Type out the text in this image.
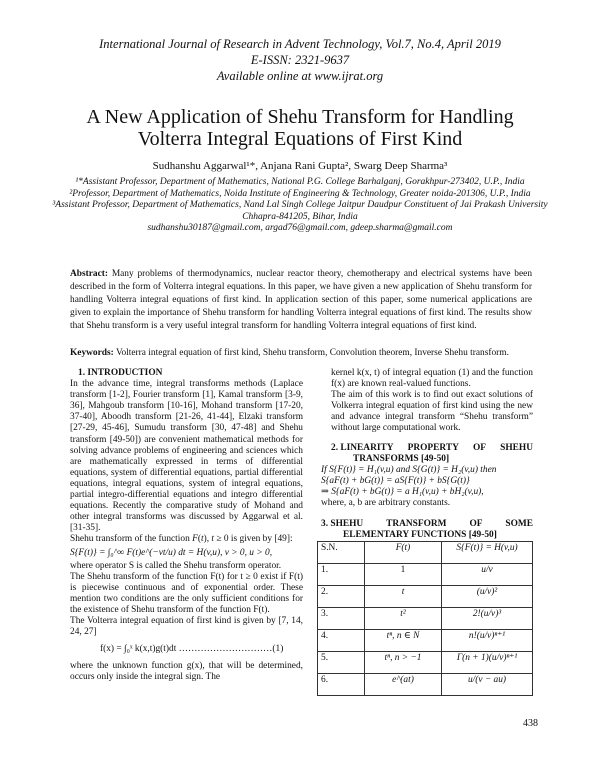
International Journal of Research in Advent Technology, Vol.7, No.4, April 2019
E-ISSN: 2321-9637
Available online at www.ijrat.org
A New Application of Shehu Transform for Handling
Volterra Integral Equations of First Kind
Sudhanshu Aggarwal¹*, Anjana Rani Gupta², Swarg Deep Sharma³
¹*Assistant Professor, Department of Mathematics, National P.G. College Barhalganj, Gorakhpur-273402, U.P., India
²Professor, Department of Mathematics, Noida Institute of Engineering & Technology, Greater noida-201306, U.P., India
³Assistant Professor, Department of Mathematics, Nand Lal Singh College Jaitpur Daudpur Constituent of Jai Prakash University Chhapra-841205, Bihar, India
sudhanshu30187@gmail.com, argad76@gmail.com, gdeep.sharma@gmail.com
Abstract: Many problems of thermodynamics, nuclear reactor theory, chemotherapy and electrical systems have been described in the form of Volterra integral equations. In this paper, we have given a new application of Shehu transform for handling Volterra integral equations of first kind. In application section of this paper, some numerical applications are given to explain the importance of Shehu transform for handling Volterra integral equations of first kind. The results show that Shehu transform is a very useful integral transform for handling Volterra integral equations of first kind.
Keywords: Volterra integral equation of first kind, Shehu transform, Convolution theorem, Inverse Shehu transform.

1. INTRODUCTION

In the advance time, integral transforms methods (Laplace transform [1-2], Fourier transform [1], Kamal transform [3-9, 36], Mahgoub transform [10-16], Mohand transform [17-20, 37-40], Aboodh transform [21-26, 41-44], Elzaki transform [27-29, 45-46], Sumudu transform [30, 47-48] and Shehu transform [49-50]) are convenient mathematical methods for solving advance problems of engineering and sciences which are mathematically expressed in terms of differential equations, system of differential equations, partial differential equations, integral equations, system of integral equations, partial integro-differential equations and integro differential equations. Recently the comparative study of Mohand and other integral transforms was discussed by Aggarwal et al. [31-35].

Shehu transform of the function F(t), t ≥ 0 is given by [49]:

S{F(t)} = ∫₀^∞ F(t)e^(−vt/u) dt = H(v,u), v > 0, u > 0,

where operator S is called the Shehu transform operator.

The Shehu transform of the function F(t) for t ≥ 0 exist if F(t) is piecewise continuous and of exponential order. These mention two conditions are the only sufficient conditions for the existence of Shehu transform of the function F(t).

The Volterra integral equation of first kind is given by [7, 14, 24, 27]

f(x) = ∫₀ˣ k(x,t)g(t)dt …………………………(1)

where the unknown function g(x), that will be determined, occurs only inside the integral sign. The

kernel k(x, t) of integral equation (1) and the function f(x) are known real-valued functions.

The aim of this work is to find out exact solutions of Volkerra integral equation of first kind using the new and advance integral transform “Shehu transform” without large computational work.

2. LINEARITY PROPERTY OF SHEHU
TRANSFORMS [49-50]

If S{F(t)} = H₁(v,u) and S{G(t)} = H₂(v,u) then

S{aF(t) + bG(t)} = aS{F(t)} + bS{G(t)}

⇒ S{aF(t) + bG(t)} = a H₁(v,u) + bH₂(v,u),

where, a, b are arbitrary constants.

3. SHEHU TRANSFORM OF SOME
ELEMENTARY FUNCTIONS [49-50]
S.N.	F(t)	S{F(t)} = H(v,u)
1.	1	u/v
2.	t	(u/v)²
3.	t²	2!(u/v)³
4.	tⁿ, n ∈ N	n!(u/v)ⁿ⁺¹
5.	tⁿ, n > −1	Γ(n + 1)(u/v)ⁿ⁺¹
6.	e^(at)	u/(v − au)
438
